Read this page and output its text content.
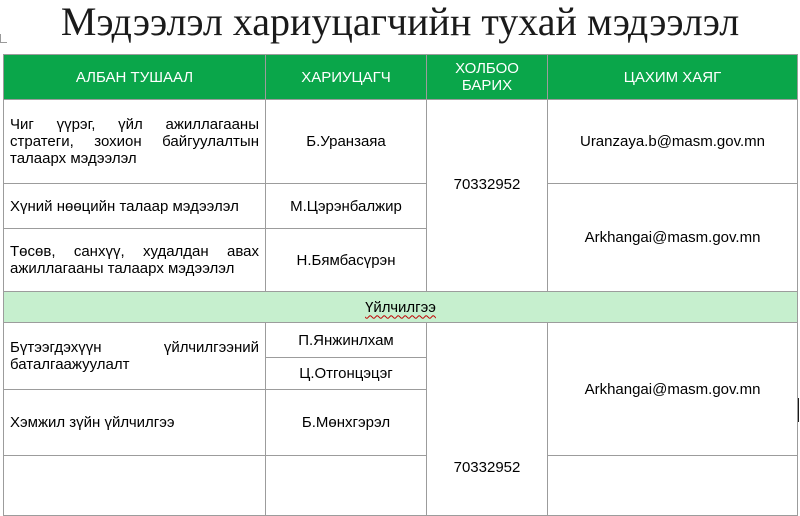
Мэдээлэл хариуцагчийн тухай мэдээлэл
АЛБАН ТУШААЛ	ХАРИУЦАГЧ	ХОЛБОО БАРИХ	ЦАХИМ ХАЯГ
Чиг үүрэг, үйл ажиллагааны стратеги, зохион байгуулалтын талаарх мэдээлэл	Б.Уранзаяа	70332952	Uranzaya.b@masm.gov.mn
Хүний нөөцийн талаар мэдээлэл	М.Цэрэнбалжир		Arkhangai@masm.gov.mn
Төсөв, санхүү, худалдан авах ажиллагааны талаарх мэдээлэл	Н.Бямбасүрэн		
Үйлчилгээ			
Бүтээгдэхүүн үйлчилгээний баталгаажуулалт	П.Янжинлхам	70332952	Arkhangai@masm.gov.mn
	Ц.Отгонцэцэг		
Хэмжил зүйн үйлчилгээ	Б.Мөнхгэрэл		
